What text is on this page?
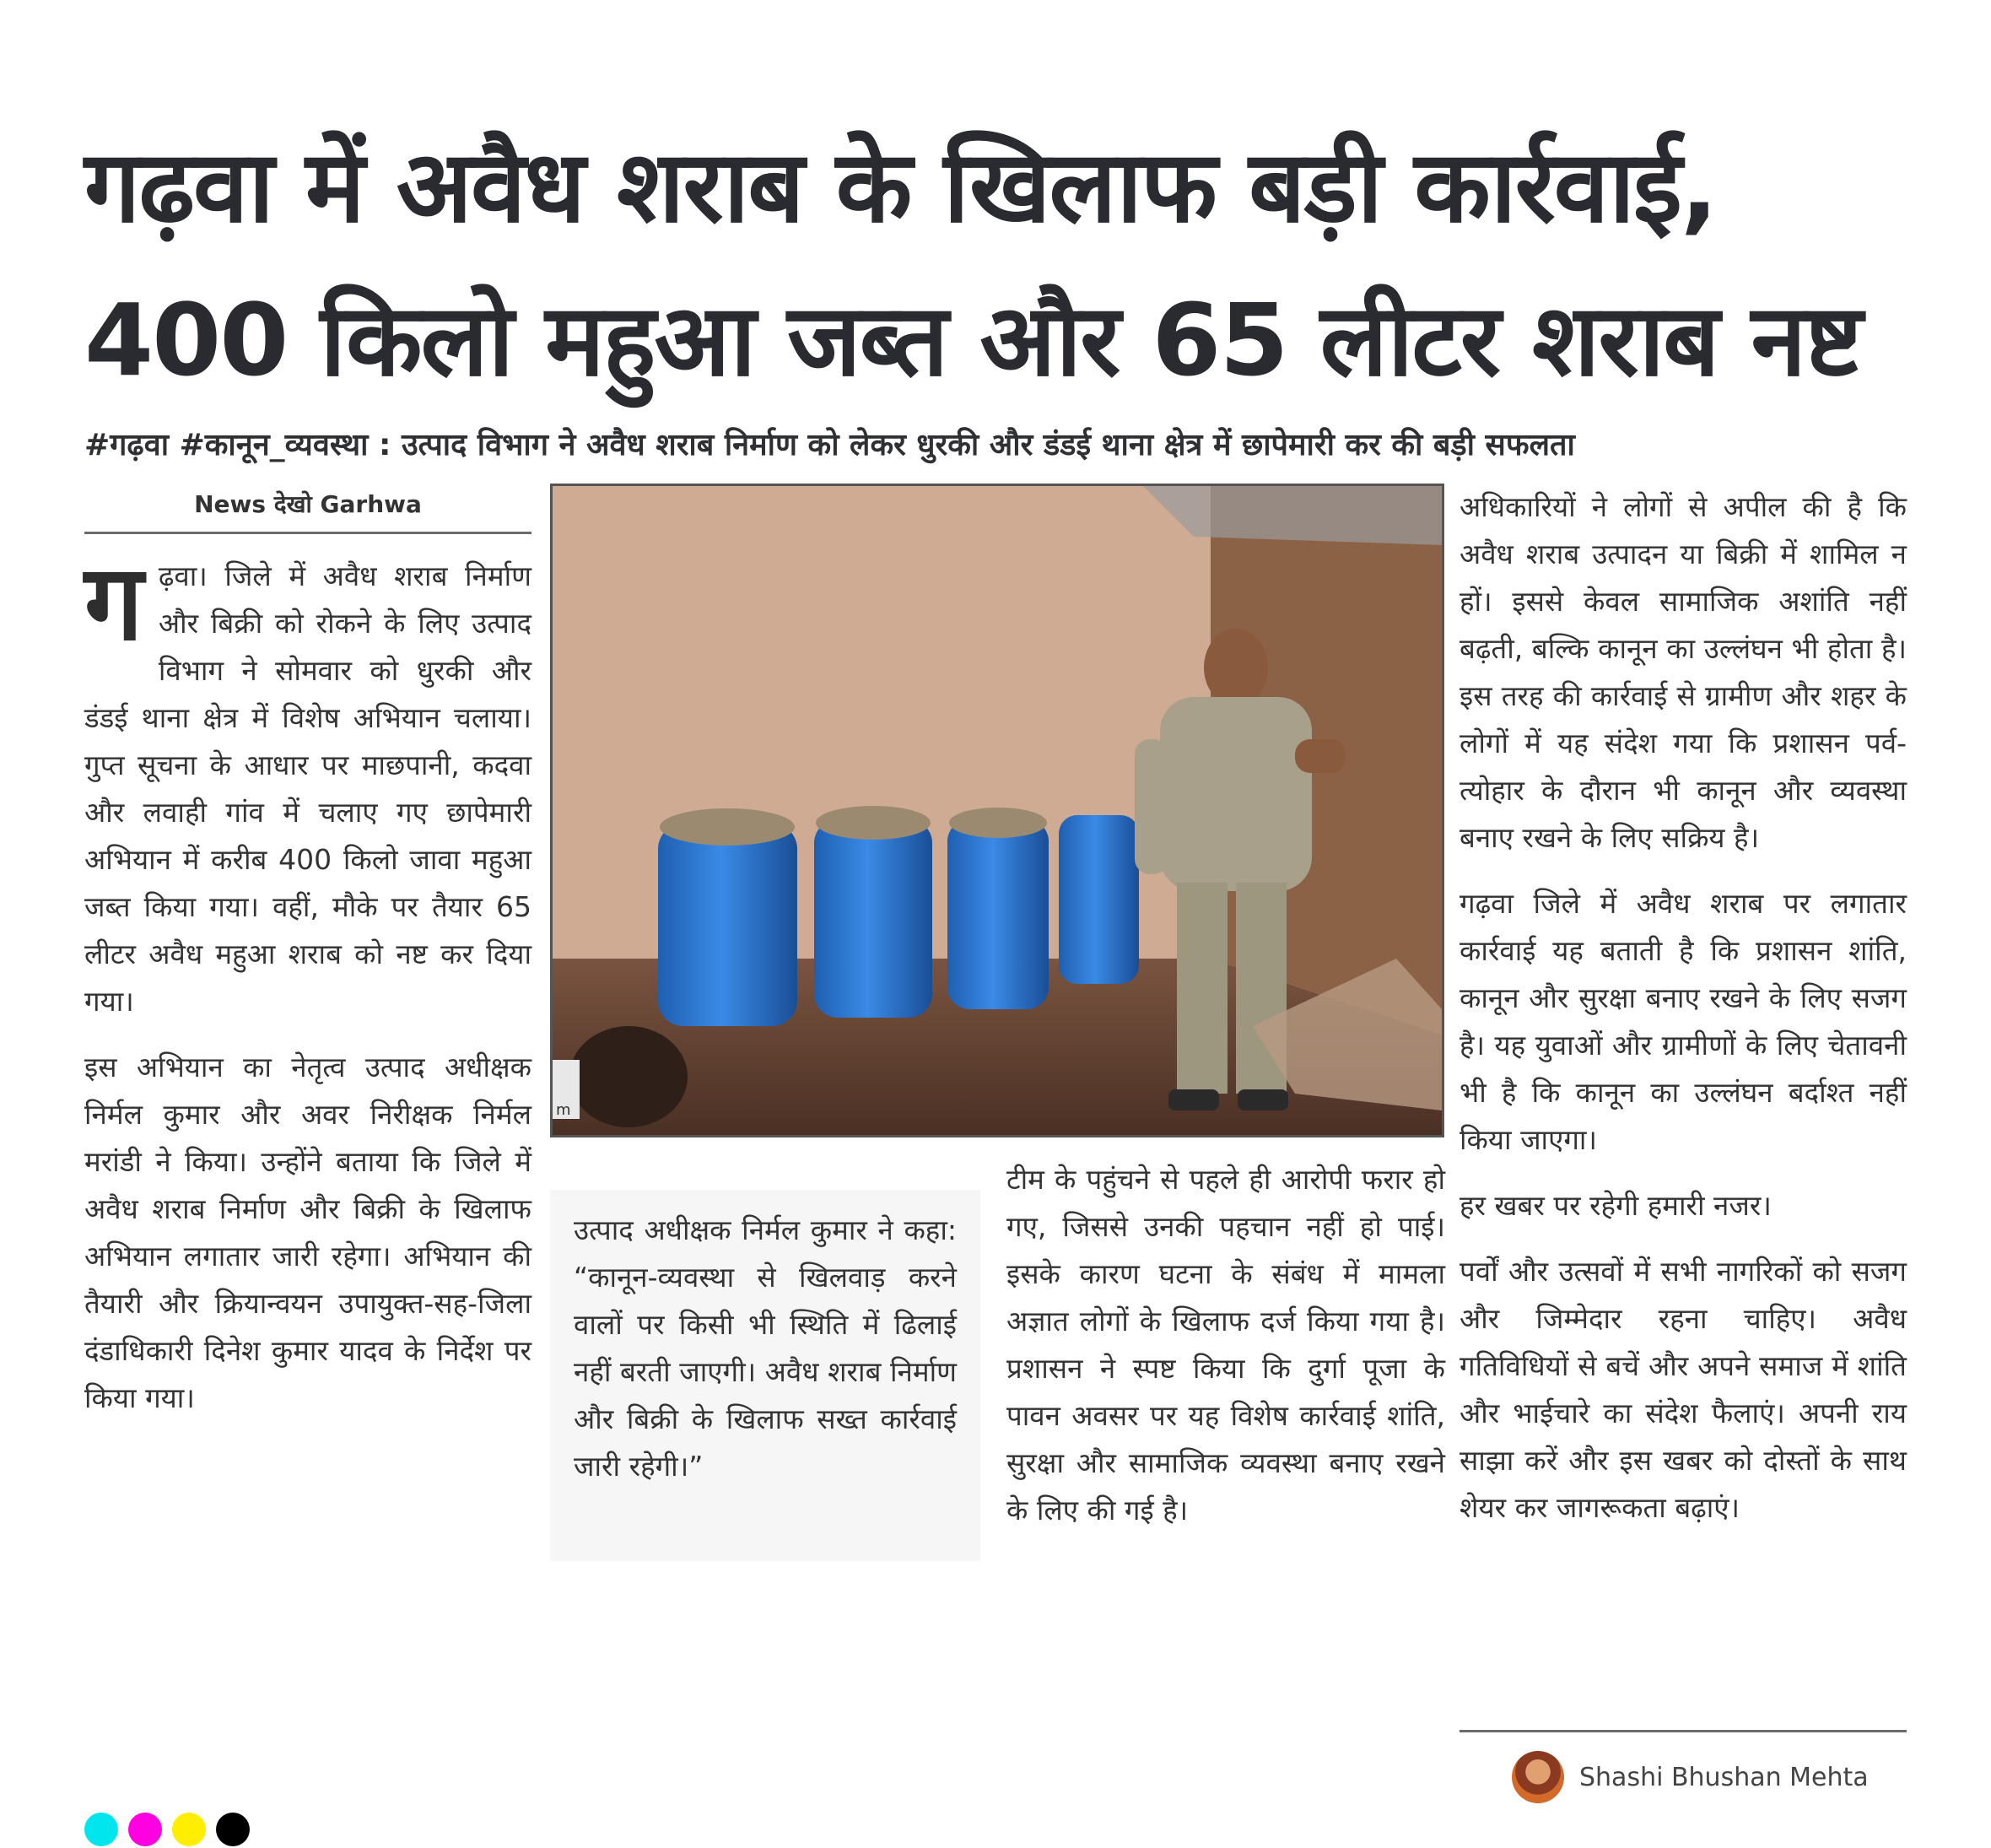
गढ़वा में अवैध शराब के खिलाफ बड़ी कार्रवाई, 400 किलो महुआ जब्त और 65 लीटर शराब नष्ट
#गढ़वा #कानून_व्यवस्था : उत्पाद विभाग ने अवैध शराब निर्माण को लेकर धुरकी और डंडई थाना क्षेत्र में छापेमारी कर की बड़ी सफलता
News देखो Garhwa

गढ़वा। जिले में अवैध शराब निर्माण और बिक्री को रोकने के लिए उत्पाद विभाग ने सोमवार को धुरकी और डंडई थाना क्षेत्र में विशेष अभियान चलाया। गुप्त सूचना के आधार पर माछपानी, कदवा और लवाही गांव में चलाए गए छापेमारी अभियान में करीब 400 किलो जावा महुआ जब्त किया गया। वहीं, मौके पर तैयार 65 लीटर अवैध महुआ शराब को नष्ट कर दिया गया।

इस अभियान का नेतृत्व उत्पाद अधीक्षक निर्मल कुमार और अवर निरीक्षक निर्मल मरांडी ने किया। उन्होंने बताया कि जिले में अवैध शराब निर्माण और बिक्री के खिलाफ अभियान लगातार जारी रहेगा। अभियान की तैयारी और क्रियान्वयन उपायुक्त-सह-जिला दंडाधिकारी दिनेश कुमार यादव के निर्देश पर किया गया।

m
उत्पाद अधीक्षक निर्मल कुमार ने कहा: “कानून-व्यवस्था से खिलवाड़ करने वालों पर किसी भी स्थिति में ढिलाई नहीं बरती जाएगी। अवैध शराब निर्माण और बिक्री के खिलाफ सख्त कार्रवाई जारी रहेगी।”

टीम के पहुंचने से पहले ही आरोपी फरार हो गए, जिससे उनकी पहचान नहीं हो पाई। इसके कारण घटना के संबंध में मामला अज्ञात लोगों के खिलाफ दर्ज किया गया है। प्रशासन ने स्पष्ट किया कि दुर्गा पूजा के पावन अवसर पर यह विशेष कार्रवाई शांति, सुरक्षा और सामाजिक व्यवस्था बनाए रखने के लिए की गई है।

अधिकारियों ने लोगों से अपील की है कि अवैध शराब उत्पादन या बिक्री में शामिल न हों। इससे केवल सामाजिक अशांति नहीं बढ़ती, बल्कि कानून का उल्लंघन भी होता है। इस तरह की कार्रवाई से ग्रामीण और शहर के लोगों में यह संदेश गया कि प्रशासन पर्व-त्योहार के दौरान भी कानून और व्यवस्था बनाए रखने के लिए सक्रिय है।

गढ़वा जिले में अवैध शराब पर लगातार कार्रवाई यह बताती है कि प्रशासन शांति, कानून और सुरक्षा बनाए रखने के लिए सजग है। यह युवाओं और ग्रामीणों के लिए चेतावनी भी है कि कानून का उल्लंघन बर्दाश्त नहीं किया जाएगा।

हर खबर पर रहेगी हमारी नजर।

पर्वों और उत्सवों में सभी नागरिकों को सजग और जिम्मेदार रहना चाहिए। अवैध गतिविधियों से बचें और अपने समाज में शांति और भाईचारे का संदेश फैलाएं। अपनी राय साझा करें और इस खबर को दोस्तों के साथ शेयर कर जागरूकता बढ़ाएं।

Shashi Bhushan Mehta
